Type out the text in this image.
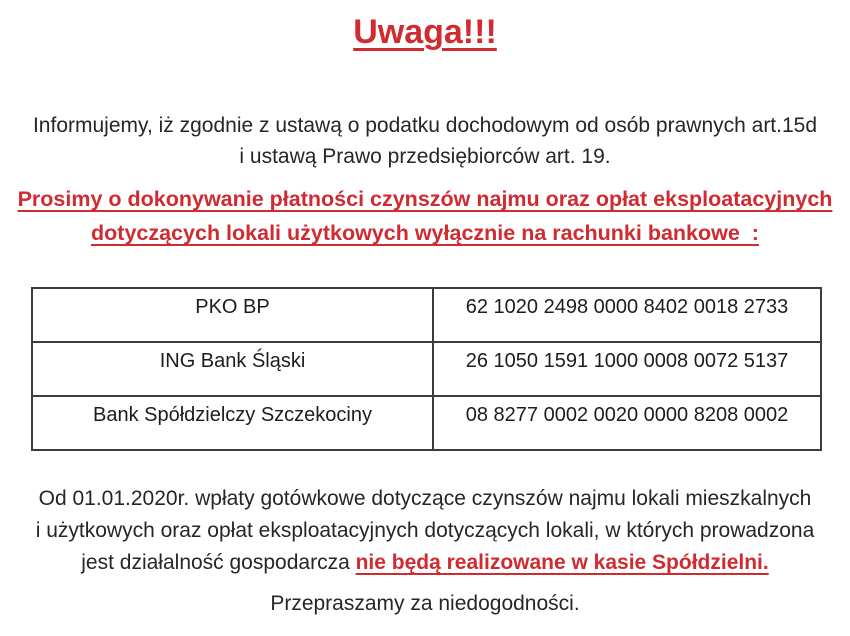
Uwaga!!!
Informujemy, iż zgodnie z ustawą o podatku dochodowym od osób prawnych art.15d
i ustawą Prawo przedsiębiorców art. 19.
Prosimy o dokonywanie płatności czynszów najmu oraz opłat eksploatacyjnych
dotyczących lokali użytkowych wyłącznie na rachunki bankowe  :
PKO BP	62 1020 2498 0000 8402 0018 2733
ING Bank Śląski	26 1050 1591 1000 0008 0072 5137
Bank Spółdzielczy Szczekociny	08 8277 0002 0020 0000 8208 0002
Od 01.01.2020r. wpłaty gotówkowe dotyczące czynszów najmu lokali mieszkalnych
i użytkowych oraz opłat eksploatacyjnych dotyczących lokali, w których prowadzona
jest działalność gospodarcza nie będą realizowane w kasie Spółdzielni.
Przepraszamy za niedogodności.
